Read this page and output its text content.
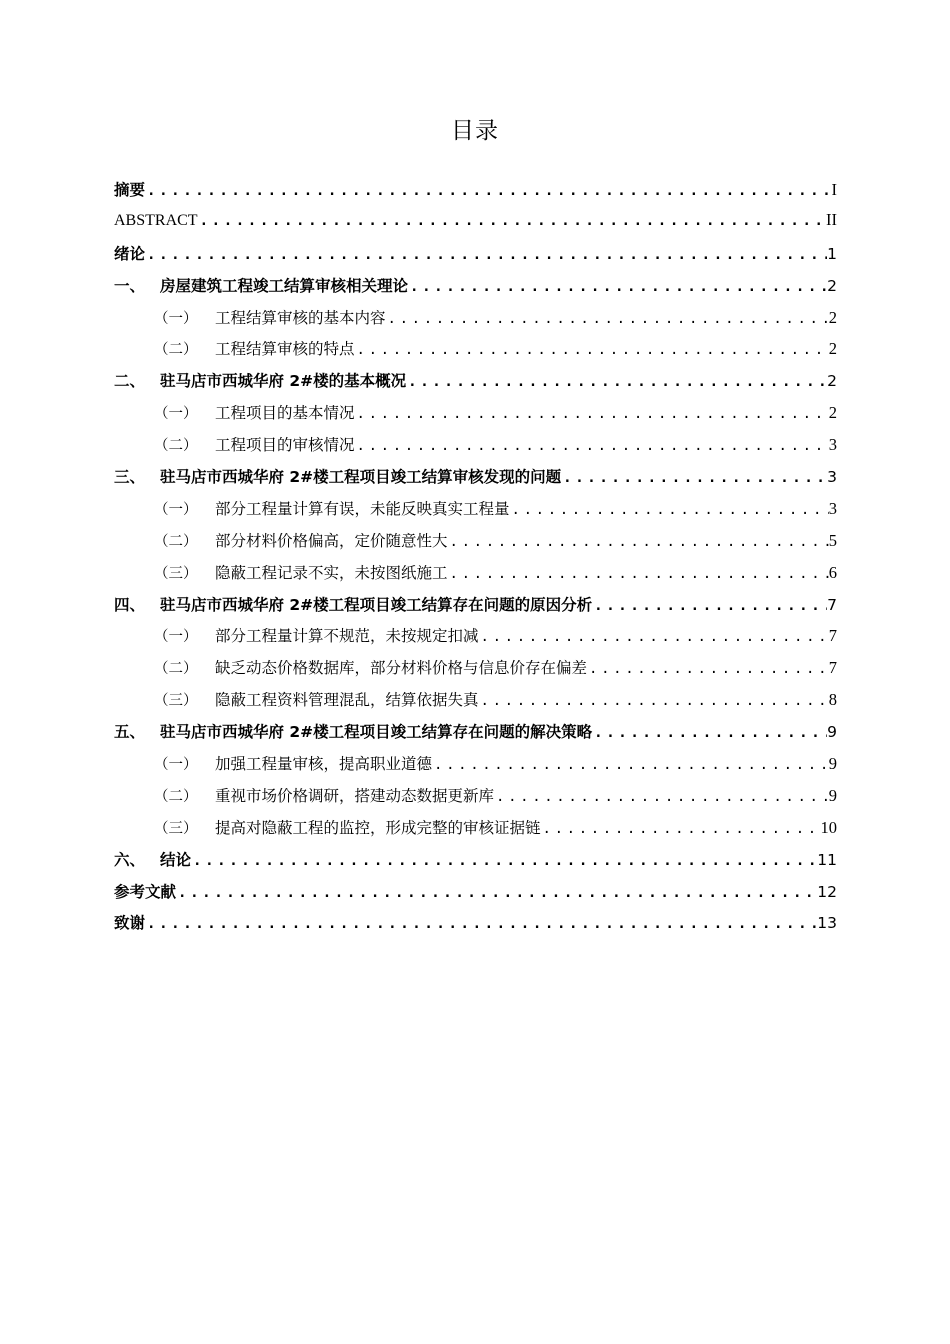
目录
摘要 . . .	I
ABSTRACT . . .	II
绪论 . . .	1
一、 房屋建筑工程竣工结算审核相关理论 . . .	2
（一）	工程结算审核的基本内容 . . .	2
（二）	工程结算审核的特点 . . .	2
二、 驻马店市西城华府 2#楼的基本概况 . . .	2
（一）	工程项目的基本情况 . . .	2
（二）	工程项目的审核情况 . . .	3
三、 驻马店市西城华府 2#楼工程项目竣工结算审核发现的问题 . . .	3
（一）	部分工程量计算有误，未能反映真实工程量 . . .	3
（二）	部分材料价格偏高，定价随意性大 . . .	5
（三）	隐蔽工程记录不实，未按图纸施工 . . .	6
四、 驻马店市西城华府 2#楼工程项目竣工结算存在问题的原因分析 . . .	7
（一）	部分工程量计算不规范，未按规定扣减 . . .	7
（二）	缺乏动态价格数据库，部分材料价格与信息价存在偏差 . . .	7
（三）	隐蔽工程资料管理混乱，结算依据失真 . . .	8
五、 驻马店市西城华府 2#楼工程项目竣工结算存在问题的解决策略 . . .	9
（一）	加强工程量审核，提高职业道德 . . .	9
（二）	重视市场价格调研，搭建动态数据更新库 . . .	9
（三）	提高对隐蔽工程的监控，形成完整的审核证据链 . . .	10
六、 结论 . . .	11
参考文献 . . .	12
致谢 . . .	13
